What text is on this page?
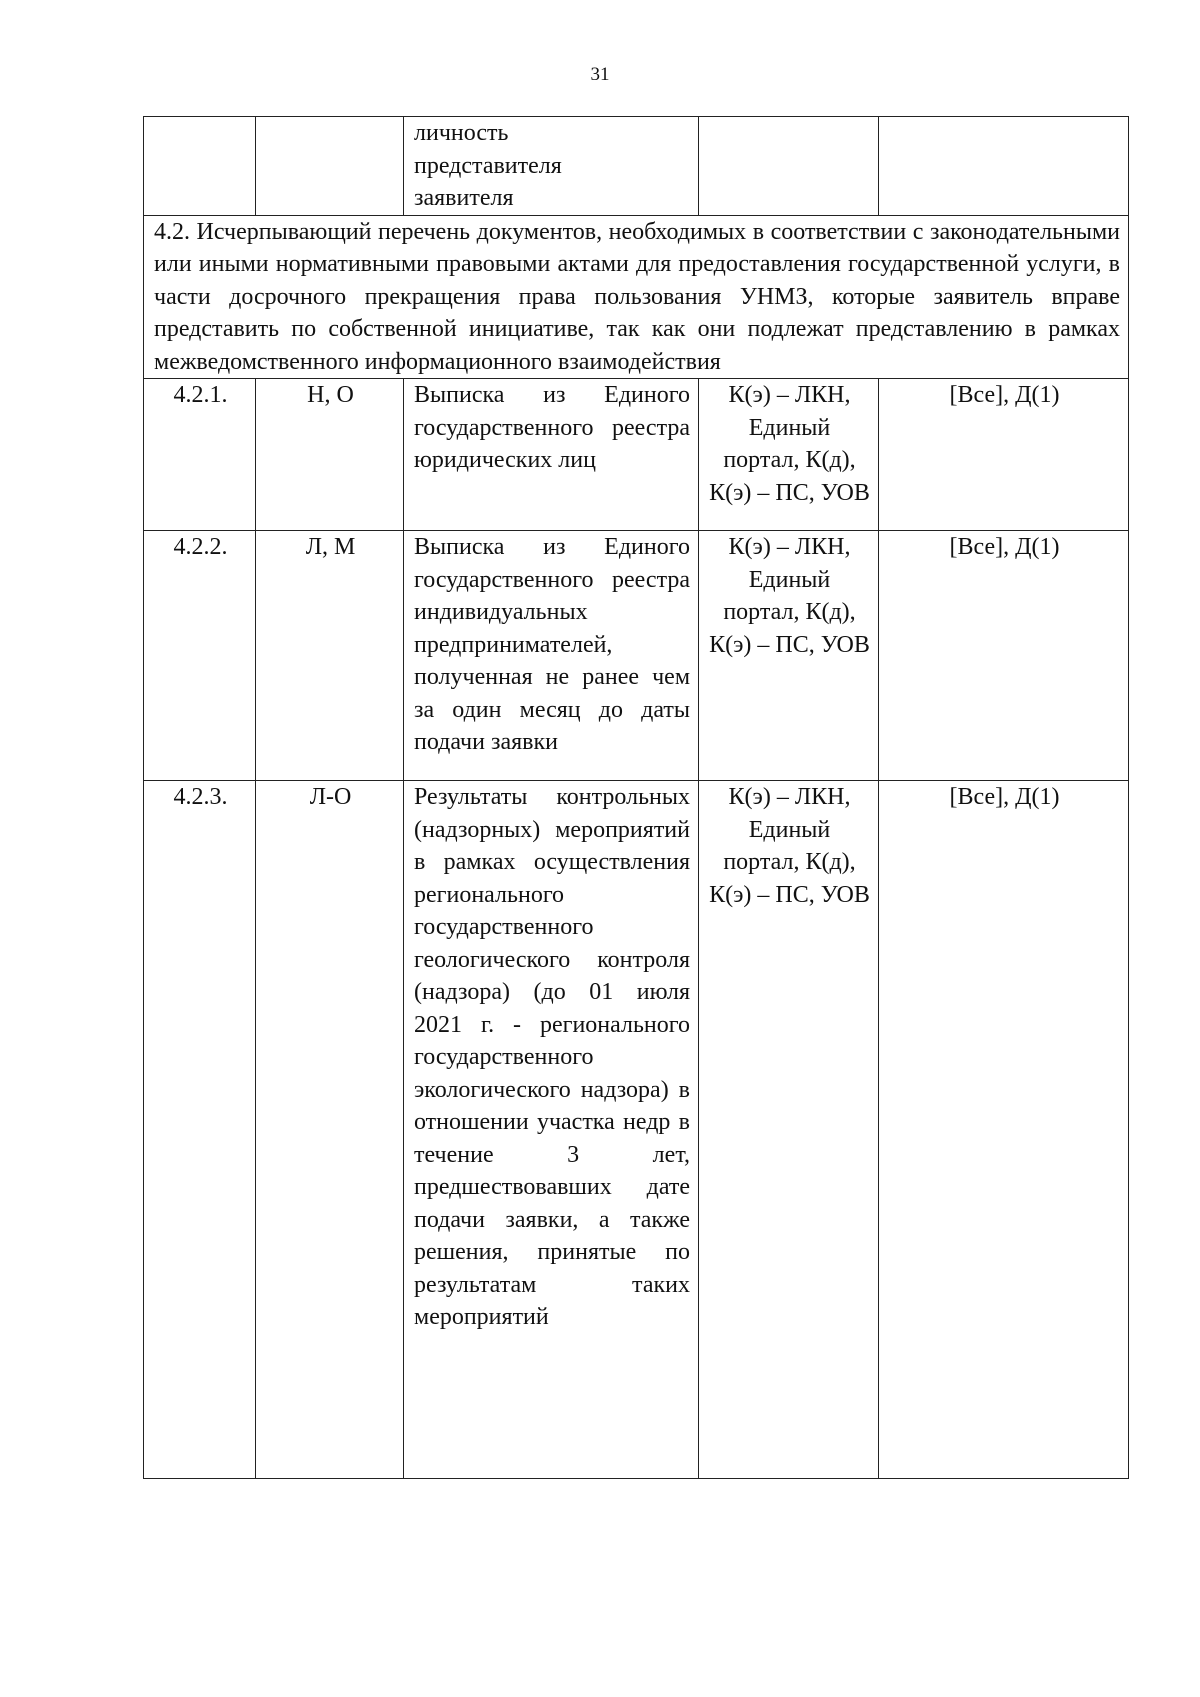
31

		личность представителя заявителя		

4.2. Исчерпывающий перечень документов, необходимых в соответствии с законодательными или иными нормативными правовыми актами для предоставления государственной услуги, в части досрочного прекращения права пользования УНМЗ, которые заявитель вправе представить по собственной инициативе, так как они подлежат представлению в рамках межведомственного информационного взаимодействия				

4.2.1.	Н, О	Выписка из Единого государственного реестра юридических лиц	К(э) – ЛКН, Единый портал, К(д), К(э) – ПС, УОВ	[Все], Д(1)
4.2.2.	Л, М	Выписка из Единого государственного реестра индивидуальных предпринимателей, полученная не ранее чем за один месяц до даты подачи заявки	К(э) – ЛКН, Единый портал, К(д), К(э) – ПС, УОВ	[Все], Д(1)
4.2.3.	Л-О	Результаты контрольных (надзорных) мероприятий в рамках осуществления регионального государственного геологического контроля (надзора) (до 01 июля 2021 г. - регионального государственного экологического надзора) в отношении участка недр в течение 3 лет, предшествовавших дате подачи заявки, а также решения, принятые по результатам таких мероприятий	К(э) – ЛКН, Единый портал, К(д), К(э) – ПС, УОВ	[Все], Д(1)
